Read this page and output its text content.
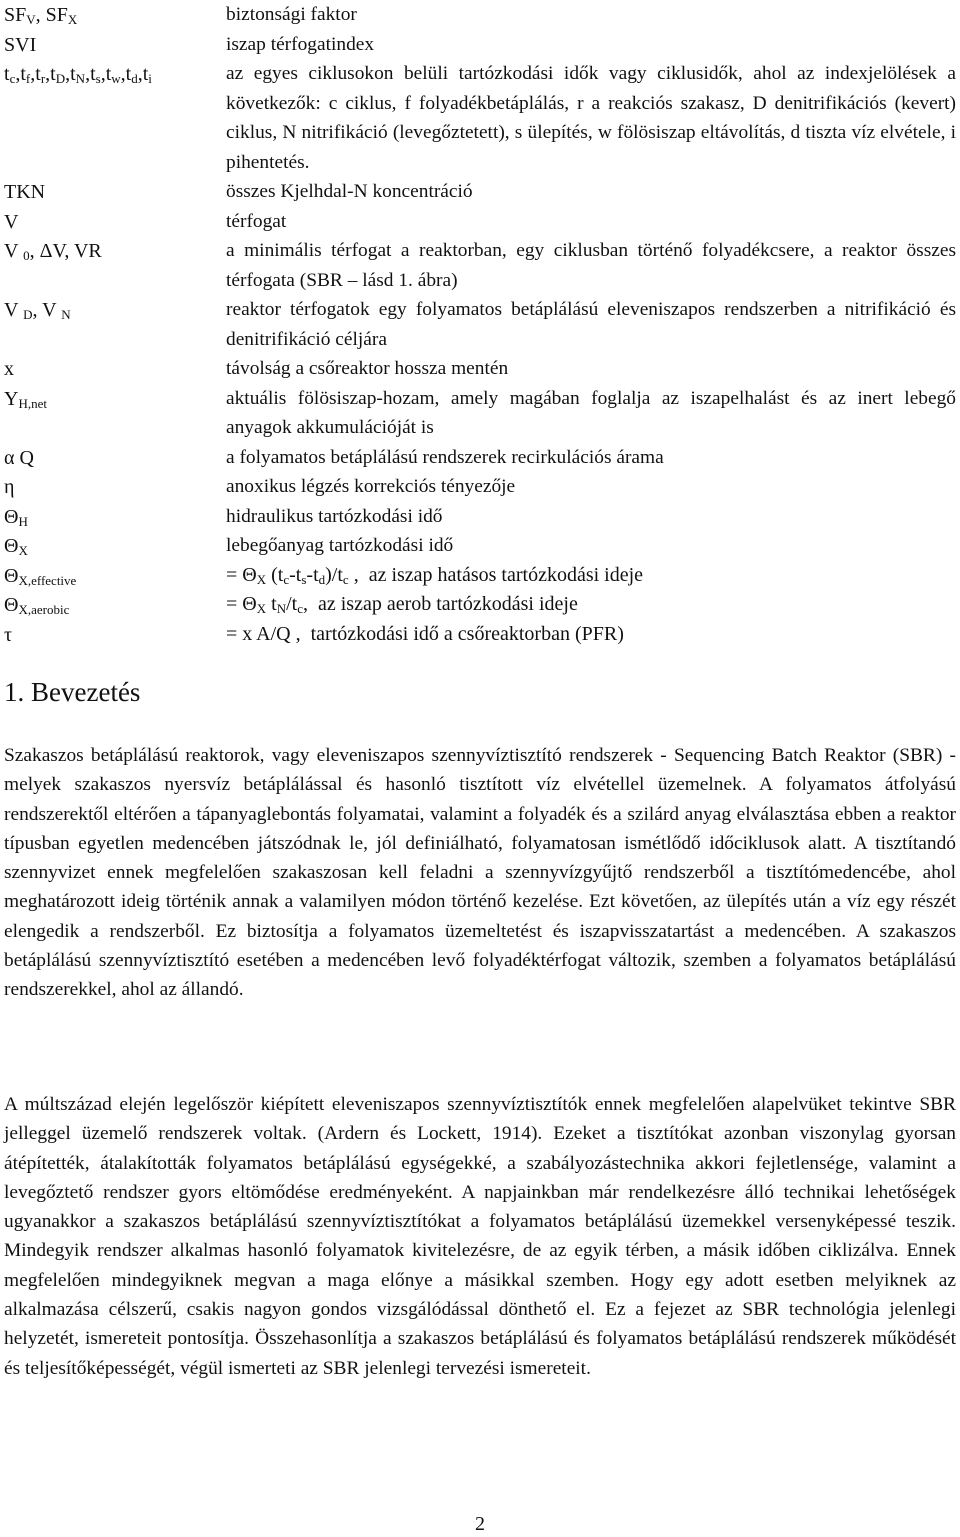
$SF_V$, $SF_X$	biztonsági faktor
SVI	iszap térfogatindex
$t_c,t_f,t_r,t_D,t_N,t_s,t_w,t_d,t_i$	az egyes ciklusokon belüli tartózkodási idők vagy ciklusidők, ahol az indexjelölések a következők: c ciklus, f folyadékbetáplálás, r a reakciós szakasz, D denitrifikációs (kevert) ciklus, N nitrifikáció (levegőztetett), s ülepítés, w fölösiszap eltávolítás, d tiszta víz elvétele, i pihentetés.
TKN	összes Kjelhdal-N koncentráció
V	térfogat
V $_0$, ΔV, VR	a minimális térfogat a reaktorban, egy ciklusban történő folyadékcsere, a reaktor összes térfogata (SBR – lásd 1. ábra)
V $_D$, V $_N$	reaktor térfogatok egy folyamatos betáplálású eleveniszapos rendszerben a nitrifikáció és denitrifikáció céljára
x	távolság a csőreaktor hossza mentén
$Y_{H,net}$	aktuális fölösiszap-hozam, amely magában foglalja az iszapelhalást és az inert lebegő anyagok akkumulációját is
α Q	a folyamatos betáplálású rendszerek recirkulációs árama
η	anoxikus légzés korrekciós tényezője
$\Theta_H$	hidraulikus tartózkodási idő
$\Theta_X$	lebegőanyag tartózkodási idő
$\Theta_{X,effective}$	= $\Theta_X$ $(t_c-t_s-t_d)/t_c$ ,  az iszap hatásos tartózkodási ideje
$\Theta_{X,aerobic}$	= $\Theta_X$ $t_N/t_c$,  az iszap aerob tartózkodási ideje
τ	= x A/Q ,  tartózkodási idő a csőreaktorban (PFR)
1. Bevezetés

Szakaszos betáplálású reaktorok, vagy eleveniszapos szennyvíztisztító rendszerek - Sequencing Batch Reaktor (SBR) - melyek szakaszos nyersvíz betáplálással és hasonló tisztított víz elvétellel üzemelnek. A folyamatos átfolyású rendszerektől eltérően a tápanyaglebontás folyamatai, valamint a folyadék és a szilárd anyag elválasztása ebben a reaktor típusban egyetlen medencében játszódnak le, jól definiálható, folyamatosan ismétlődő időciklusok alatt. A tisztítandó szennyvizet ennek megfelelően szakaszosan kell feladni a szennyvízgyűjtő rendszerből a tisztítómedencébe, ahol meghatározott ideig történik annak a valamilyen módon történő kezelése. Ezt követően, az ülepítés után a víz egy részét elengedik a rendszerből. Ez biztosítja a folyamatos üzemeltetést és iszapvisszatartást a medencében. A szakaszos betáplálású szennyvíztisztító esetében a medencében levő folyadéktérfogat változik, szemben a folyamatos betáplálású rendszerekkel, ahol az állandó.

A múltszázad elején legelőször kiépített eleveniszapos szennyvíztisztítók ennek megfelelően alapelvüket tekintve SBR jelleggel üzemelő rendszerek voltak. (Ardern és Lockett, 1914). Ezeket a tisztítókat azonban viszonylag gyorsan átépítették, átalakították folyamatos betáplálású egységekké, a szabályozástechnika akkori fejletlensége, valamint a levegőztető rendszer gyors eltömődése eredményeként. A napjainkban már rendelkezésre álló technikai lehetőségek ugyanakkor a szakaszos betáplálású szennyvíztisztítókat a folyamatos betáplálású üzemekkel versenyképessé teszik. Mindegyik rendszer alkalmas hasonló folyamatok kivitelezésre, de az egyik térben, a másik időben ciklizálva. Ennek megfelelően mindegyiknek megvan a maga előnye a másikkal szemben. Hogy egy adott esetben melyiknek az alkalmazása célszerű, csakis nagyon gondos vizsgálódással dönthető el. Ez a fejezet az SBR technológia jelenlegi helyzetét, ismereteit pontosítja. Összehasonlítja a szakaszos betáplálású és folyamatos betáplálású rendszerek működését és teljesítőképességét, végül ismerteti az SBR jelenlegi tervezési ismereteit.

2
